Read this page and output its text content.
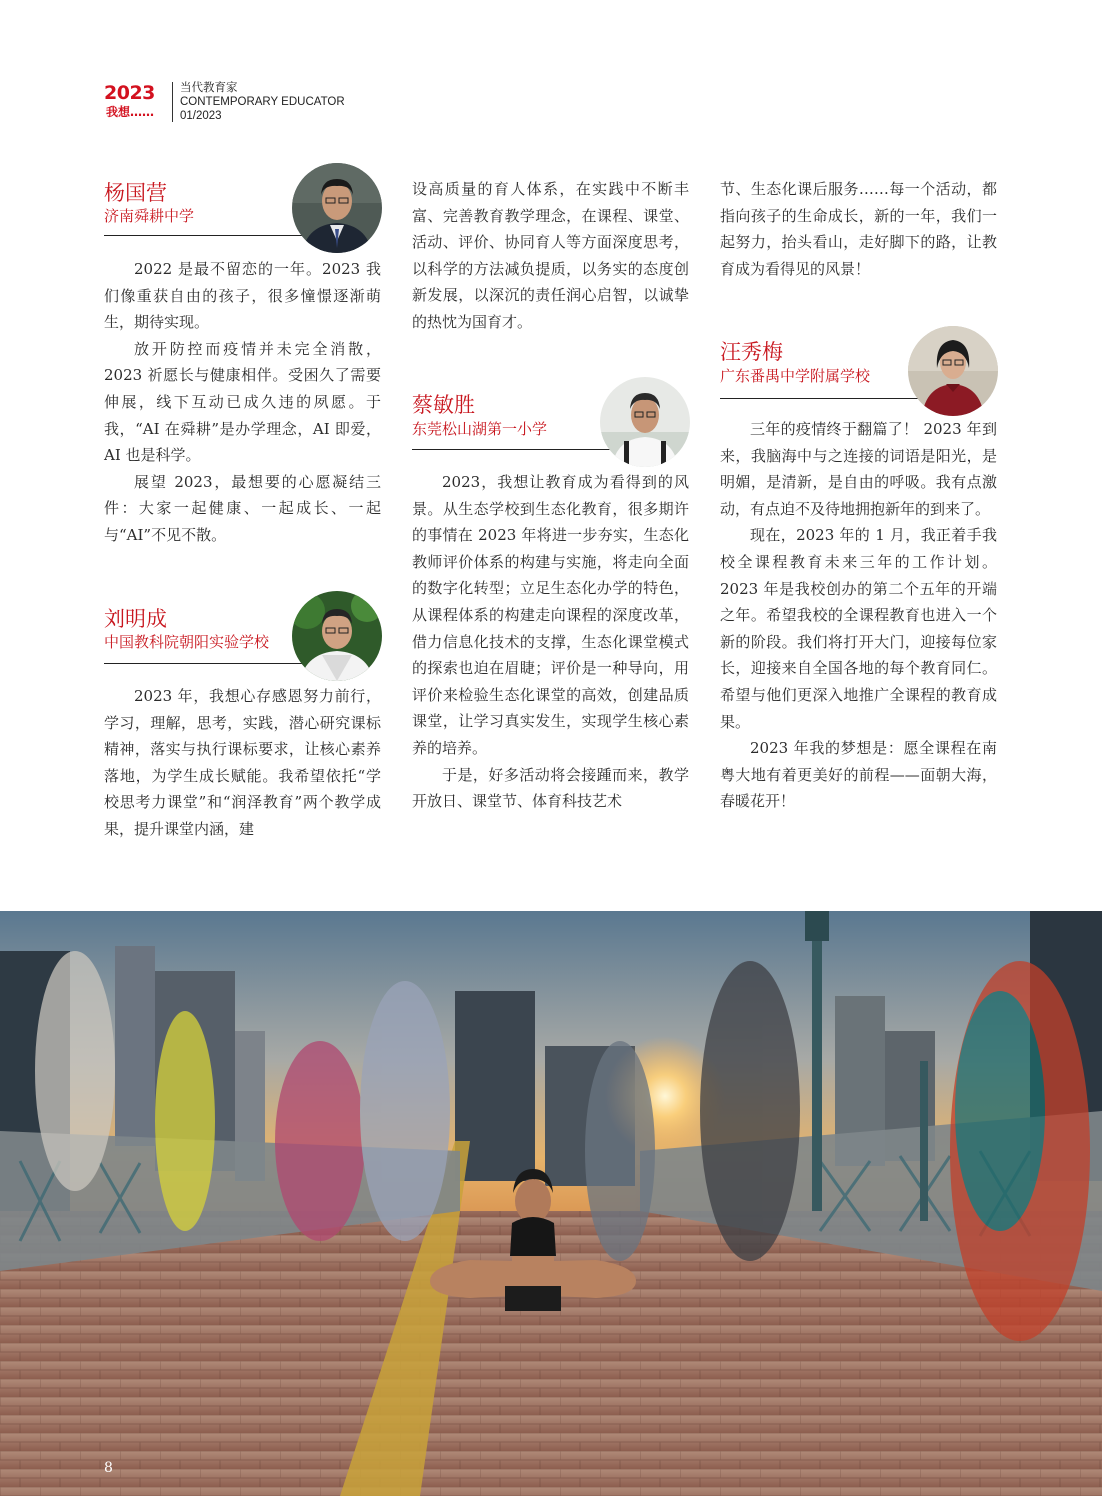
2023
我想……
当代教育家
CONTEMPORARY EDUCATOR
01/2023
杨国营
济南舜耕中学

2022 是最不留恋的一年。2023 我们像重获自由的孩子，很多憧憬逐渐萌生，期待实现。

放开防控而疫情并未完全消散，2023 祈愿长与健康相伴。受困久了需要伸展，线下互动已成久违的夙愿。于我，“AI 在舜耕”是办学理念，AI 即爱，AI 也是科学。

展望 2023，最想要的心愿凝结三件：大家一起健康、一起成长、一起与“AI”不见不散。

刘明成
中国教科院朝阳实验学校

2023 年，我想心存感恩努力前行，学习，理解，思考，实践，潜心研究课标精神，落实与执行课标要求，让核心素养落地，为学生成长赋能。我希望依托“学校思考力课堂”和“润泽教育”两个教学成果，提升课堂内涵，建

设高质量的育人体系，在实践中不断丰富、完善教育教学理念，在课程、课堂、活动、评价、协同育人等方面深度思考，以科学的方法减负提质，以务实的态度创新发展，以深沉的责任润心启智，以诚挚的热忱为国育才。

蔡敏胜
东莞松山湖第一小学

2023，我想让教育成为看得到的风景。从生态学校到生态化教育，很多期许的事情在 2023 年将进一步夯实，生态化教师评价体系的构建与实施，将走向全面的数字化转型；立足生态化办学的特色，从课程体系的构建走向课程的深度改革，借力信息化技术的支撑，生态化课堂模式的探索也迫在眉睫；评价是一种导向，用评价来检验生态化课堂的高效，创建品质课堂，让学习真实发生，实现学生核心素养的培养。

于是，好多活动将会接踵而来，教学开放日、课堂节、体育科技艺术

节、生态化课后服务……每一个活动，都指向孩子的生命成长，新的一年，我们一起努力，抬头看山，走好脚下的路，让教育成为看得见的风景！

汪秀梅
广东番禺中学附属学校

三年的疫情终于翻篇了！ 2023 年到来，我脑海中与之连接的词语是阳光，是明媚，是清新，是自由的呼吸。我有点激动，有点迫不及待地拥抱新年的到来了。

现在，2023 年的 1 月，我正着手我校全课程教育未来三年的工作计划。2023 年是我校创办的第二个五年的开端之年。希望我校的全课程教育也进入一个新的阶段。我们将打开大门，迎接每位家长，迎接来自全国各地的每个教育同仁。希望与他们更深入地推广全课程的教育成果。

2023 年我的梦想是：愿全课程在南粤大地有着更美好的前程——面朝大海，春暖花开！

8
